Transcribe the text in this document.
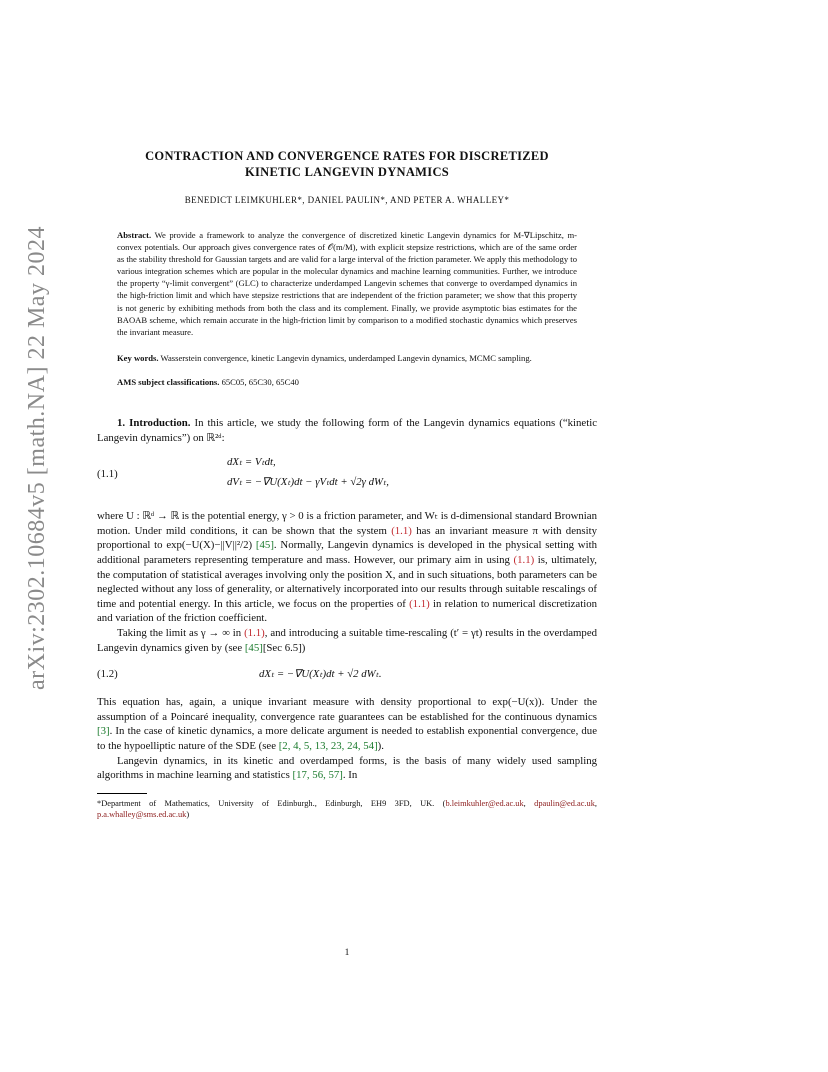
arXiv:2302.10684v5 [math.NA] 22 May 2024
CONTRACTION AND CONVERGENCE RATES FOR DISCRETIZED
KINETIC LANGEVIN DYNAMICS
BENEDICT LEIMKUHLER*, DANIEL PAULIN*, AND PETER A. WHALLEY*
Abstract. We provide a framework to analyze the convergence of discretized kinetic Langevin dynamics for M-∇Lipschitz, m-convex potentials. Our approach gives convergence rates of 𝒪(m/M), with explicit stepsize restrictions, which are of the same order as the stability threshold for Gaussian targets and are valid for a large interval of the friction parameter. We apply this methodology to various integration schemes which are popular in the molecular dynamics and machine learning communities. Further, we introduce the property “γ-limit convergent” (GLC) to characterize underdamped Langevin schemes that converge to overdamped dynamics in the high-friction limit and which have stepsize restrictions that are independent of the friction parameter; we show that this property is not generic by exhibiting methods from both the class and its complement. Finally, we provide asymptotic bias estimates for the BAOAB scheme, which remain accurate in the high-friction limit by comparison to a modified stochastic dynamics which preserves the invariant measure.
Key words. Wasserstein convergence, kinetic Langevin dynamics, underdamped Langevin dynamics, MCMC sampling.
AMS subject classifications. 65C05, 65C30, 65C40

1. Introduction. In this article, we study the following form of the Langevin dynamics equations (“kinetic Langevin dynamics”) on ℝ²ᵈ:

(1.1)
dXₜ = Vₜdt,
dVₜ = −∇U(Xₜ)dt − γVₜdt + √2γ dWₜ,

where U : ℝᵈ → ℝ is the potential energy, γ > 0 is a friction parameter, and Wₜ is d-dimensional standard Brownian motion. Under mild conditions, it can be shown that the system (1.1) has an invariant measure π with density proportional to exp(−U(X)−||V||²/2) [45]. Normally, Langevin dynamics is developed in the physical setting with additional parameters representing temperature and mass. However, our primary aim in using (1.1) is, ultimately, the computation of statistical averages involving only the position X, and in such situations, both parameters can be neglected without any loss of generality, or alternatively incorporated into our results through suitable rescalings of time and potential energy. In this article, we focus on the properties of (1.1) in relation to numerical discretization and variation of the friction coefficient.

Taking the limit as γ → ∞ in (1.1), and introducing a suitable time-rescaling (t′ = γt) results in the overdamped Langevin dynamics given by (see [45][Sec 6.5])

(1.2)	dXₜ = −∇U(Xₜ)dt + √2 dWₜ.

This equation has, again, a unique invariant measure with density proportional to exp(−U(x)). Under the assumption of a Poincaré inequality, convergence rate guarantees can be established for the continuous dynamics [3]. In the case of kinetic dynamics, a more delicate argument is needed to establish exponential convergence, due to the hypoelliptic nature of the SDE (see [2, 4, 5, 13, 23, 24, 54]).

Langevin dynamics, in its kinetic and overdamped forms, is the basis of many widely used sampling algorithms in machine learning and statistics [17, 56, 57]. In

*Department of Mathematics, University of Edinburgh., Edinburgh, EH9 3FD, UK. (b.leimkuhler@ed.ac.uk, dpaulin@ed.ac.uk, p.a.whalley@sms.ed.ac.uk)
1
